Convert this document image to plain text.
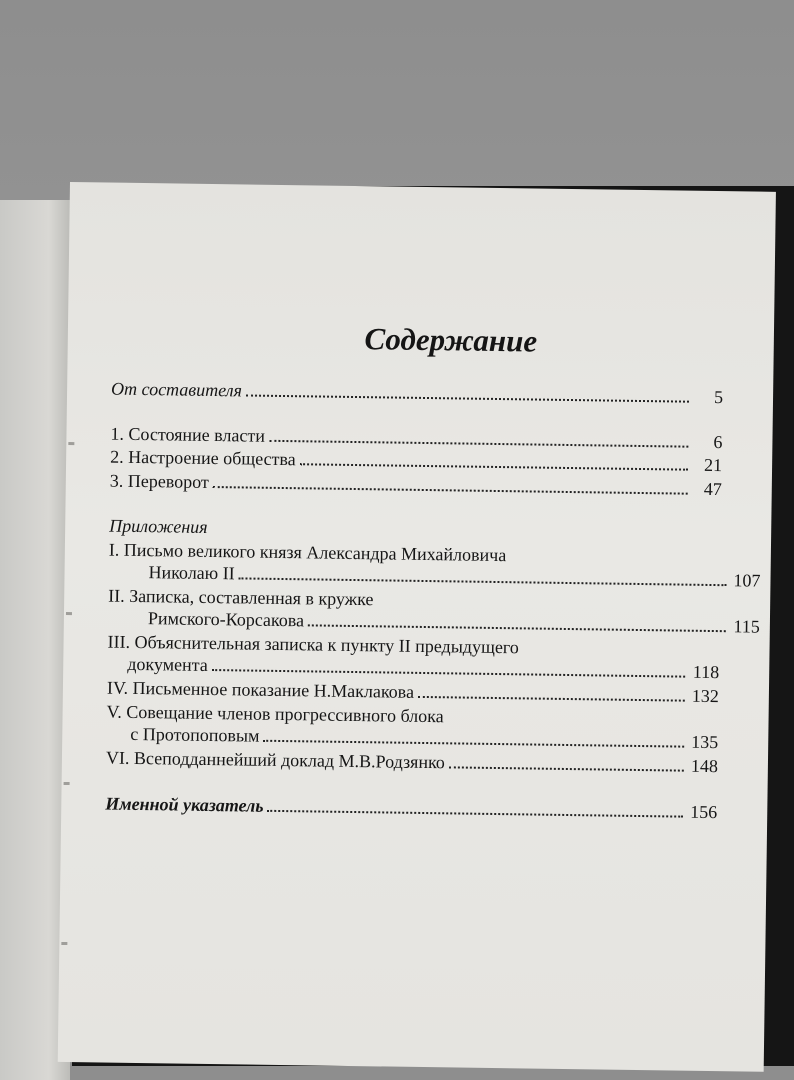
Содержание
От составителя	5
1. Состояние власти	6
2. Настроение общества	21
3. Переворот	47
Приложения
I. Письмо великого князя Александра Михайловича
Николаю II	107
II. Записка, составленная в кружке
Римского-Корсакова	115
III. Объяснительная записка к пункту II предыдущего
документа	118
IV. Письменное показание Н.Маклакова	132
V. Совещание членов прогрессивного блока
с Протопоповым	135
VI. Всеподданнейший доклад М.В.Родзянко	148
Именной указатель	156
